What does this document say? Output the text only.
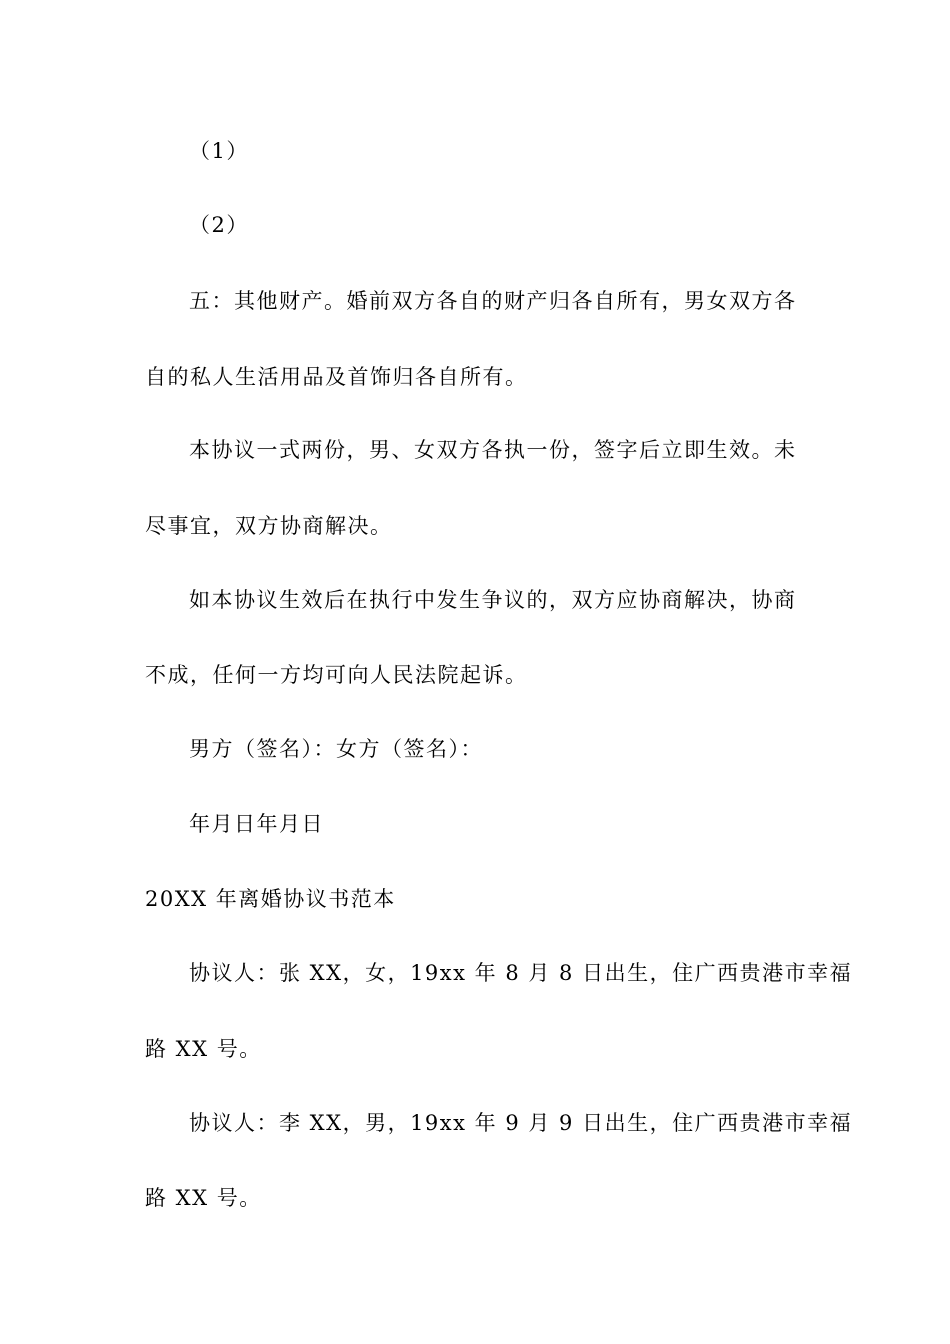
（1）
（2）
五：其他财产。婚前双方各自的财产归各自所有，男女双方各
自的私人生活用品及首饰归各自所有。
本协议一式两份，男、女双方各执一份，签字后立即生效。未
尽事宜，双方协商解决。
如本协议生效后在执行中发生争议的，双方应协商解决，协商
不成，任何一方均可向人民法院起诉。
男方（签名）：女方（签名）：
年月日年月日
20XX 年离婚协议书范本
协议人：张 XX，女，19xx 年 8 月 8 日出生，住广西贵港市幸福
路 XX 号。
协议人：李 XX，男，19xx 年 9 月 9 日出生，住广西贵港市幸福
路 XX 号。
